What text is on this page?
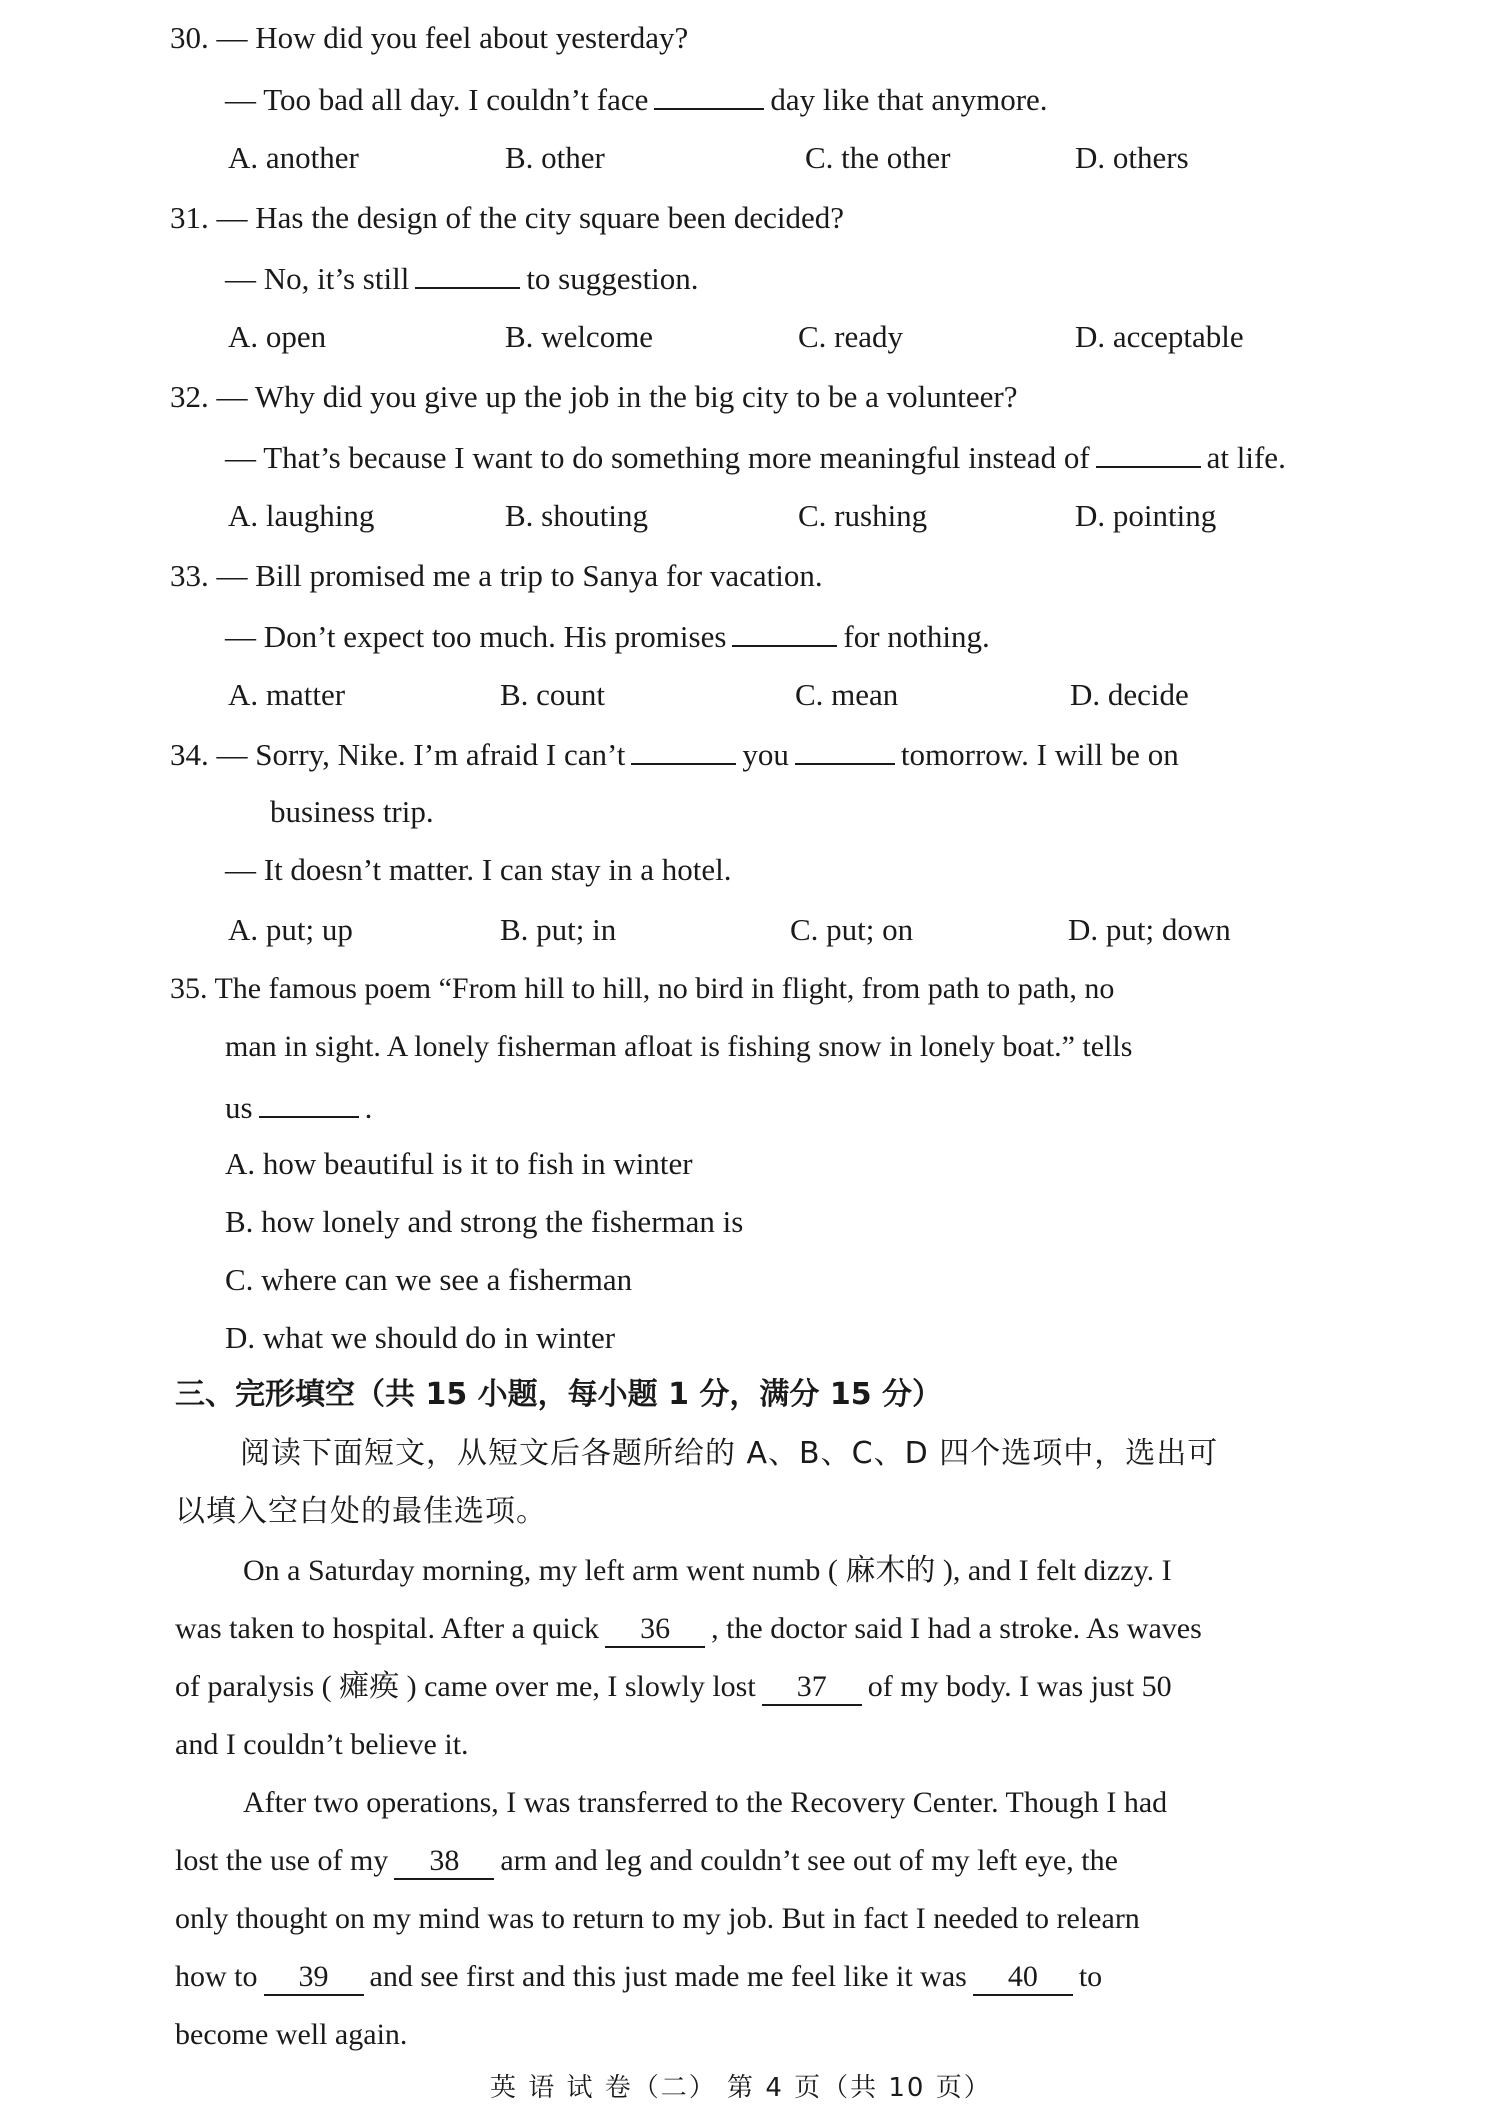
30. — How did you feel about yesterday?
— Too bad all day. I couldn’t face	day like that anymore.
A. another	B. other	C. the other	D. others
31. — Has the design of the city square been decided?
— No, it’s still	to suggestion.
A. open	B. welcome	C. ready	D. acceptable
32. — Why did you give up the job in the big city to be a volunteer?
— That’s because I want to do something more meaningful instead of	at life.
A. laughing	B. shouting	C. rushing	D. pointing
33. — Bill promised me a trip to Sanya for vacation.
— Don’t expect too much. His promises	for nothing.
A. matter	B. count	C. mean	D. decide
34. — Sorry, Nike. I’m afraid I can’t	you	tomorrow. I will be on
business trip.
— It doesn’t matter. I can stay in a hotel.
A. put; up	B. put; in	C. put; on	D. put; down
35. The famous poem “From hill to hill, no bird in flight, from path to path, no
man in sight. A lonely fisherman afloat is fishing snow in lonely boat.” tells
us	.
A. how beautiful is it to fish in winter
B. how lonely and strong the fisherman is
C. where can we see a fisherman
D. what we should do in winter
三、完形填空（共 15 小题，每小题 1 分，满分 15 分）
阅读下面短文，从短文后各题所给的 A、B、C、D 四个选项中，选出可
以填入空白处的最佳选项。
On a Saturday morning, my left arm went numb ( 麻木的 ), and I felt dizzy. I
was taken to hospital. After a quick 36 , the doctor said I had a stroke. As waves
of paralysis ( 瘫痪 ) came over me, I slowly lost 37 of my body. I was just 50
and I couldn’t believe it.
After two operations, I was transferred to the Recovery Center. Though I had
lost the use of my 38 arm and leg and couldn’t see out of my left eye, the
only thought on my mind was to return to my job. But in fact I needed to relearn
how to 39 and see first and this just made me feel like it was 40 to
become well again.
英 语 试 卷（二） 第 4 页（共 10 页）
